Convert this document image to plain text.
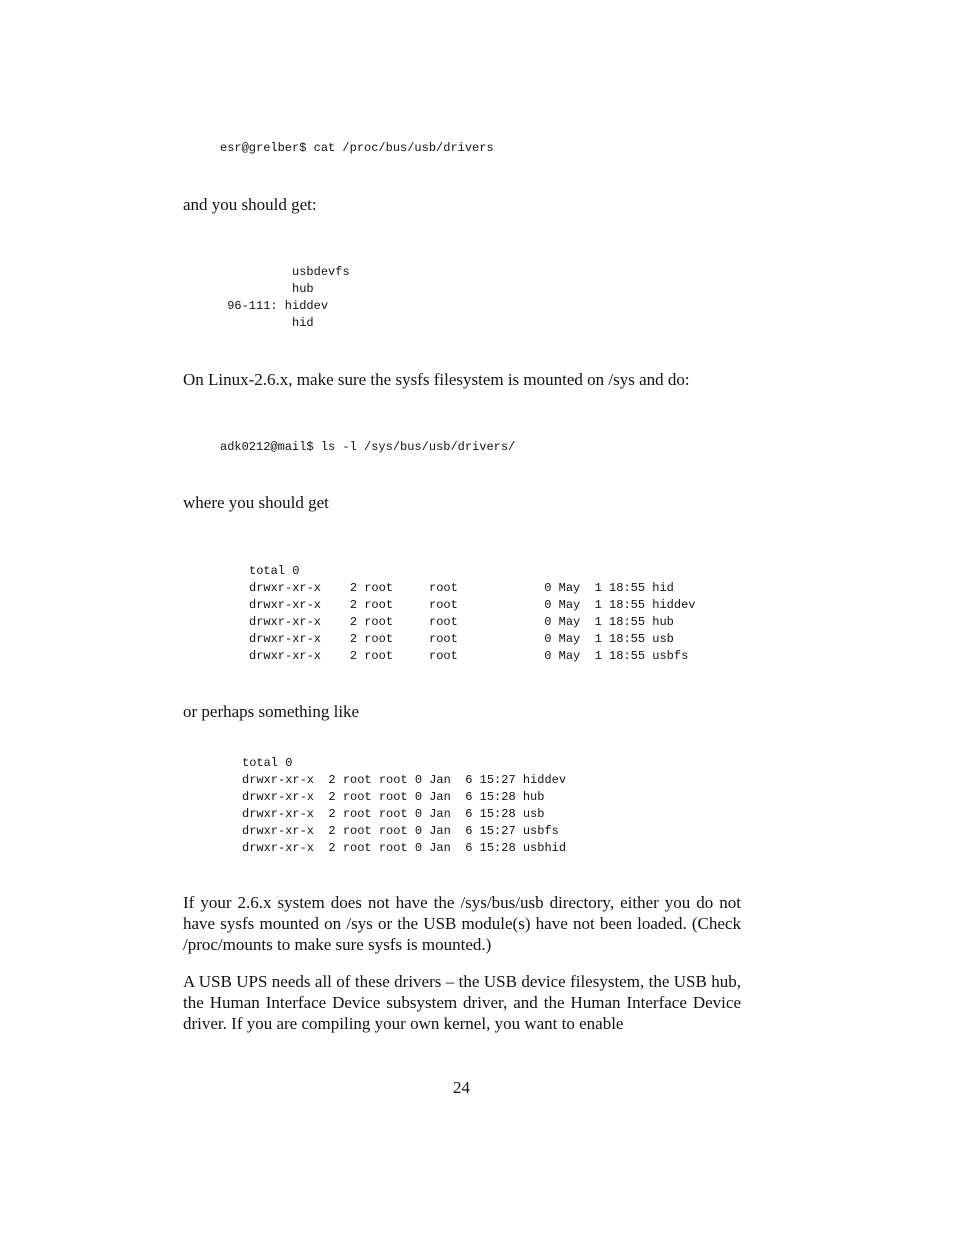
esr@grelber$ cat /proc/bus/usb/drivers
and you should get:
usbdevfs
hub
96-111: hiddev
hid
On Linux-2.6.x, make sure the sysfs filesystem is mounted on /sys and do:
adk0212@mail$ ls -l /sys/bus/usb/drivers/
where you should get
total 0
drwxr-xr-x    2 root     root            0 May  1 18:55 hid
drwxr-xr-x    2 root     root            0 May  1 18:55 hiddev
drwxr-xr-x    2 root     root            0 May  1 18:55 hub
drwxr-xr-x    2 root     root            0 May  1 18:55 usb
drwxr-xr-x    2 root     root            0 May  1 18:55 usbfs
or perhaps something like
total 0
drwxr-xr-x  2 root root 0 Jan  6 15:27 hiddev
drwxr-xr-x  2 root root 0 Jan  6 15:28 hub
drwxr-xr-x  2 root root 0 Jan  6 15:28 usb
drwxr-xr-x  2 root root 0 Jan  6 15:27 usbfs
drwxr-xr-x  2 root root 0 Jan  6 15:28 usbhid
If your 2.6.x system does not have the /sys/bus/usb directory, either you do not have sysfs mounted on /sys or the USB module(s) have not been loaded. (Check /proc/mounts to make sure sysfs is mounted.)
A USB UPS needs all of these drivers – the USB device filesystem, the USB hub, the Human Interface Device subsystem driver, and the Human Interface Device driver. If you are compiling your own kernel, you want to enable
24
